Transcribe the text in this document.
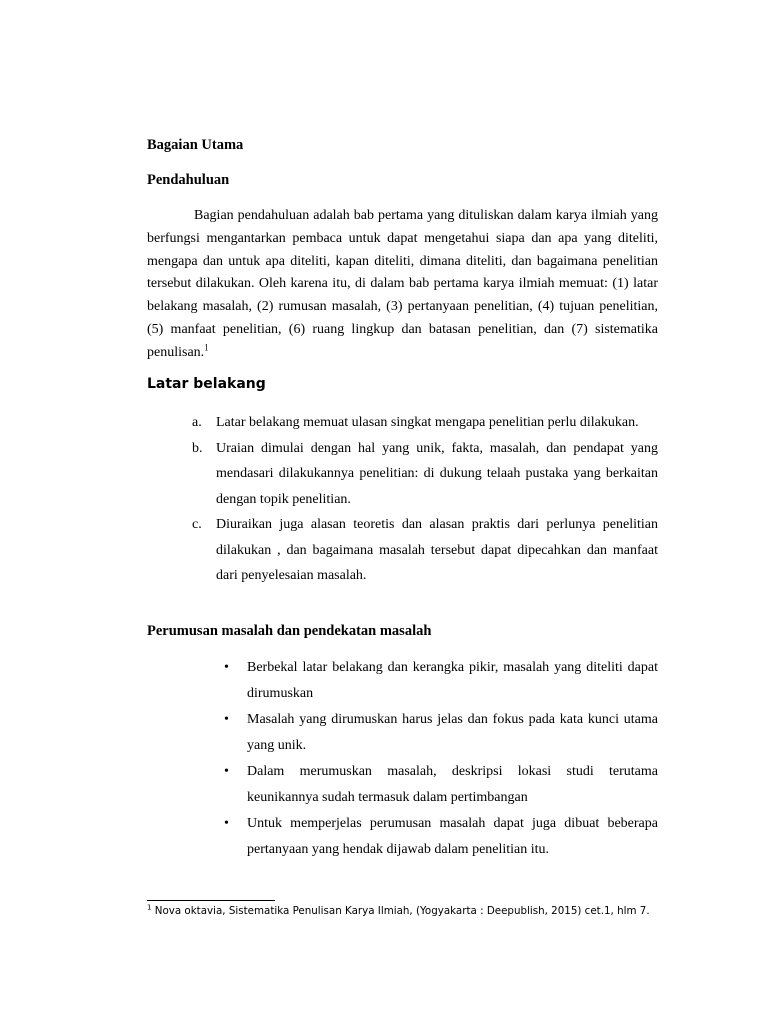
Bagaian Utama
Pendahuluan

Bagian pendahuluan adalah bab pertama yang dituliskan dalam karya ilmiah yang berfungsi mengantarkan pembaca untuk dapat mengetahui siapa dan apa yang diteliti, mengapa dan untuk apa diteliti, kapan diteliti, dimana diteliti, dan bagaimana penelitian tersebut dilakukan. Oleh karena itu, di dalam bab pertama karya ilmiah memuat: (1) latar belakang masalah, (2) rumusan masalah, (3) pertanyaan penelitian, (4) tujuan penelitian, (5) manfaat penelitian, (6) ruang lingkup dan batasan penelitian, dan (7) sistematika penulisan.$^1$

Latar belakang
a. Latar belakang memuat ulasan singkat mengapa penelitian perlu dilakukan.
b. Uraian dimulai dengan hal yang unik, fakta, masalah, dan pendapat yang mendasari dilakukannya penelitian: di dukung telaah pustaka yang berkaitan dengan topik penelitian.
c. Diuraikan juga alasan teoretis dan alasan praktis dari perlunya penelitian dilakukan , dan bagaimana masalah tersebut dapat dipecahkan dan manfaat dari penyelesaian masalah.
Perumusan masalah dan pendekatan masalah
• Berbekal latar belakang dan kerangka pikir, masalah yang diteliti dapat dirumuskan
• Masalah yang dirumuskan harus jelas dan fokus pada kata kunci utama yang unik.
• Dalam merumuskan masalah, deskripsi lokasi studi terutama keunikannya sudah termasuk dalam pertimbangan
• Untuk memperjelas perumusan masalah dapat juga dibuat beberapa pertanyaan yang hendak dijawab dalam penelitian itu.
$^1$ Nova oktavia, Sistematika Penulisan Karya Ilmiah, (Yogyakarta : Deepublish, 2015) cet.1, hlm 7.
